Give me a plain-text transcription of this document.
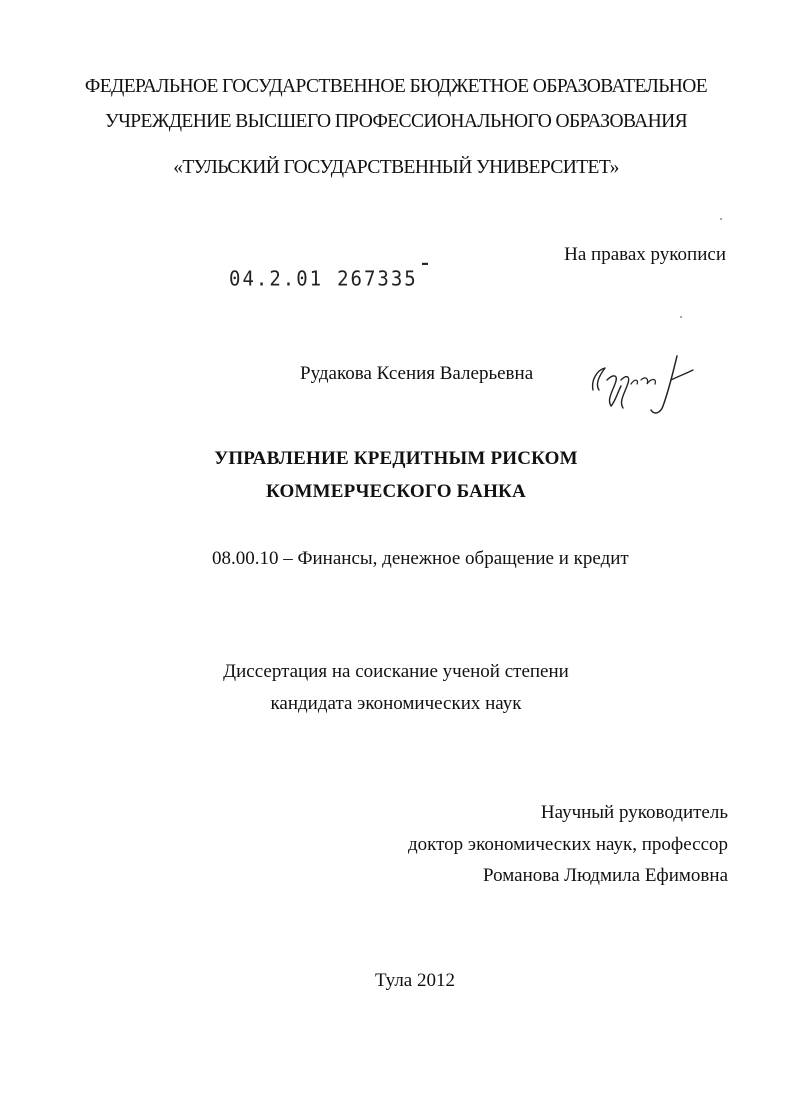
ФЕДЕРАЛЬНОЕ ГОСУДАРСТВЕННОЕ БЮДЖЕТНОЕ ОБРАЗОВАТЕЛЬНОЕ
УЧРЕЖДЕНИЕ ВЫСШЕГО ПРОФЕССИОНАЛЬНОГО ОБРАЗОВАНИЯ
«ТУЛЬСКИЙ ГОСУДАРСТВЕННЫЙ УНИВЕРСИТЕТ»
На правах рукописи
04.2.01 267335
Рудакова Ксения Валерьевна
УПРАВЛЕНИЕ КРЕДИТНЫМ РИСКОМ
КОММЕРЧЕСКОГО БАНКА
08.00.10 – Финансы, денежное обращение и кредит
Диссертация на соискание ученой степени
кандидата экономических наук
Научный руководитель
доктор экономических наук, профессор
Романова Людмила Ефимовна
Тула 2012
